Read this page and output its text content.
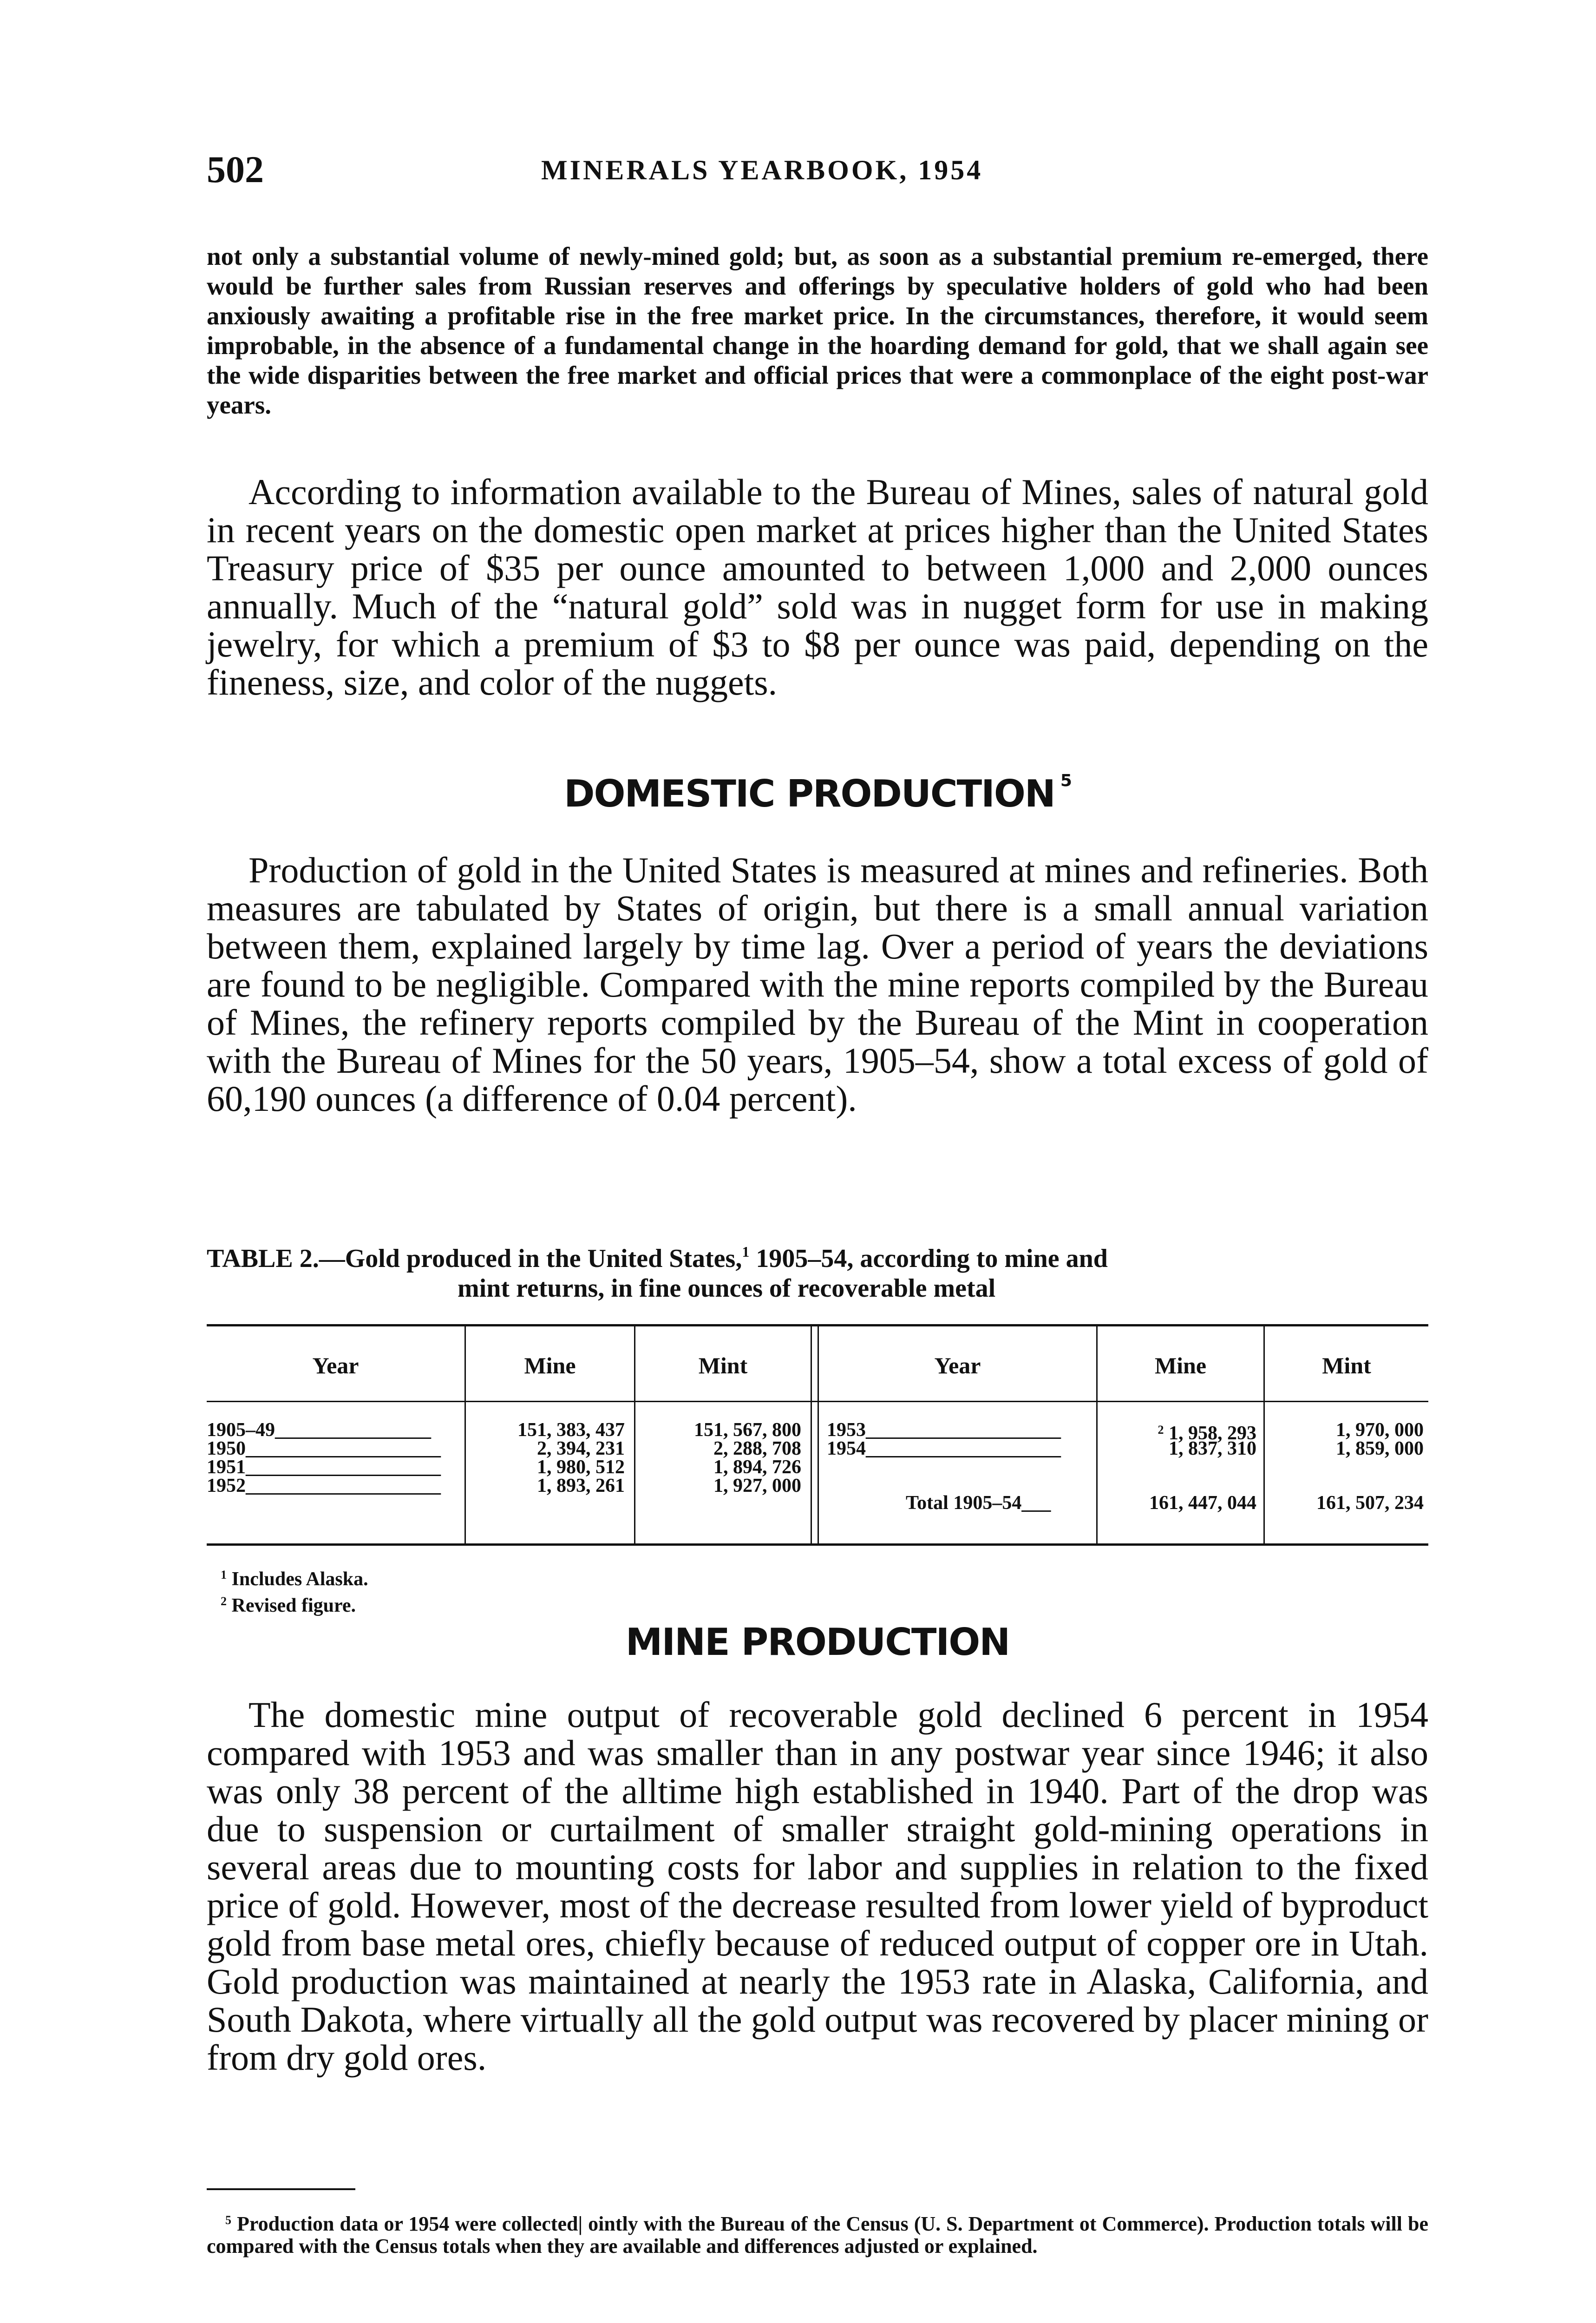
502	MINERALS YEARBOOK, 1954

not only a substantial volume of newly-mined gold; but, as soon as a substantial premium re-emerged, there would be further sales from Russian reserves and offerings by speculative holders of gold who had been anxiously awaiting a profitable rise in the free market price. In the circumstances, therefore, it would seem improbable, in the absence of a fundamental change in the hoarding demand for gold, that we shall again see the wide disparities between the free market and official prices that were a commonplace of the eight post-war years.

According to information available to the Bureau of Mines, sales of natural gold in recent years on the domestic open market at prices higher than the United States Treasury price of $35 per ounce amounted to between 1,000 and 2,000 ounces annually. Much of the “natural gold” sold was in nugget form for use in making jewelry, for which a premium of $3 to $8 per ounce was paid, depending on the fineness, size, and color of the nuggets.

DOMESTIC PRODUCTION $^5$

Production of gold in the United States is measured at mines and refineries. Both measures are tabulated by States of origin, but there is a small annual variation between them, explained largely by time lag. Over a period of years the deviations are found to be negligible. Compared with the mine reports compiled by the Bureau of Mines, the refinery reports compiled by the Bureau of the Mint in cooperation with the Bureau of Mines for the 50 years, 1905–54, show a total excess of gold of 60,190 ounces (a difference of 0.04 percent).

TABLE 2.—Gold produced in the United States,$^1$ 1905–54, according to mine and
mint returns, in fine ounces of recoverable metal

Year	Mine	Mint	Year	Mine	Mint
1905–49________________	151, 383, 437	151, 567, 800
1950____________________	2, 394, 231	2, 288, 708
1951____________________	1, 980, 512	1, 894, 726
1952____________________	1, 893, 261	1, 927, 000
1953____________________	$^2$ 1, 958, 293	1, 970, 000
1954____________________	1, 837, 310	1, 859, 000
Total 1905–54___	161, 447, 044	161, 507, 234
$^1$ Includes Alaska.
$^2$ Revised figure.
MINE PRODUCTION

The domestic mine output of recoverable gold declined 6 percent in 1954 compared with 1953 and was smaller than in any postwar year since 1946; it also was only 38 percent of the alltime high established in 1940. Part of the drop was due to suspension or curtailment of smaller straight gold-mining operations in several areas due to mounting costs for labor and supplies in relation to the fixed price of gold. However, most of the decrease resulted from lower yield of byproduct gold from base metal ores, chiefly because of reduced output of copper ore in Utah. Gold production was maintained at nearly the 1953 rate in Alaska, California, and South Dakota, where virtually all the gold output was recovered by placer mining or from dry gold ores.

$^5$ Production data or 1954 were collected| ointly with the Bureau of the Census (U. S. Department ot Commerce). Production totals will be compared with the Census totals when they are available and differences adjusted or explained.
